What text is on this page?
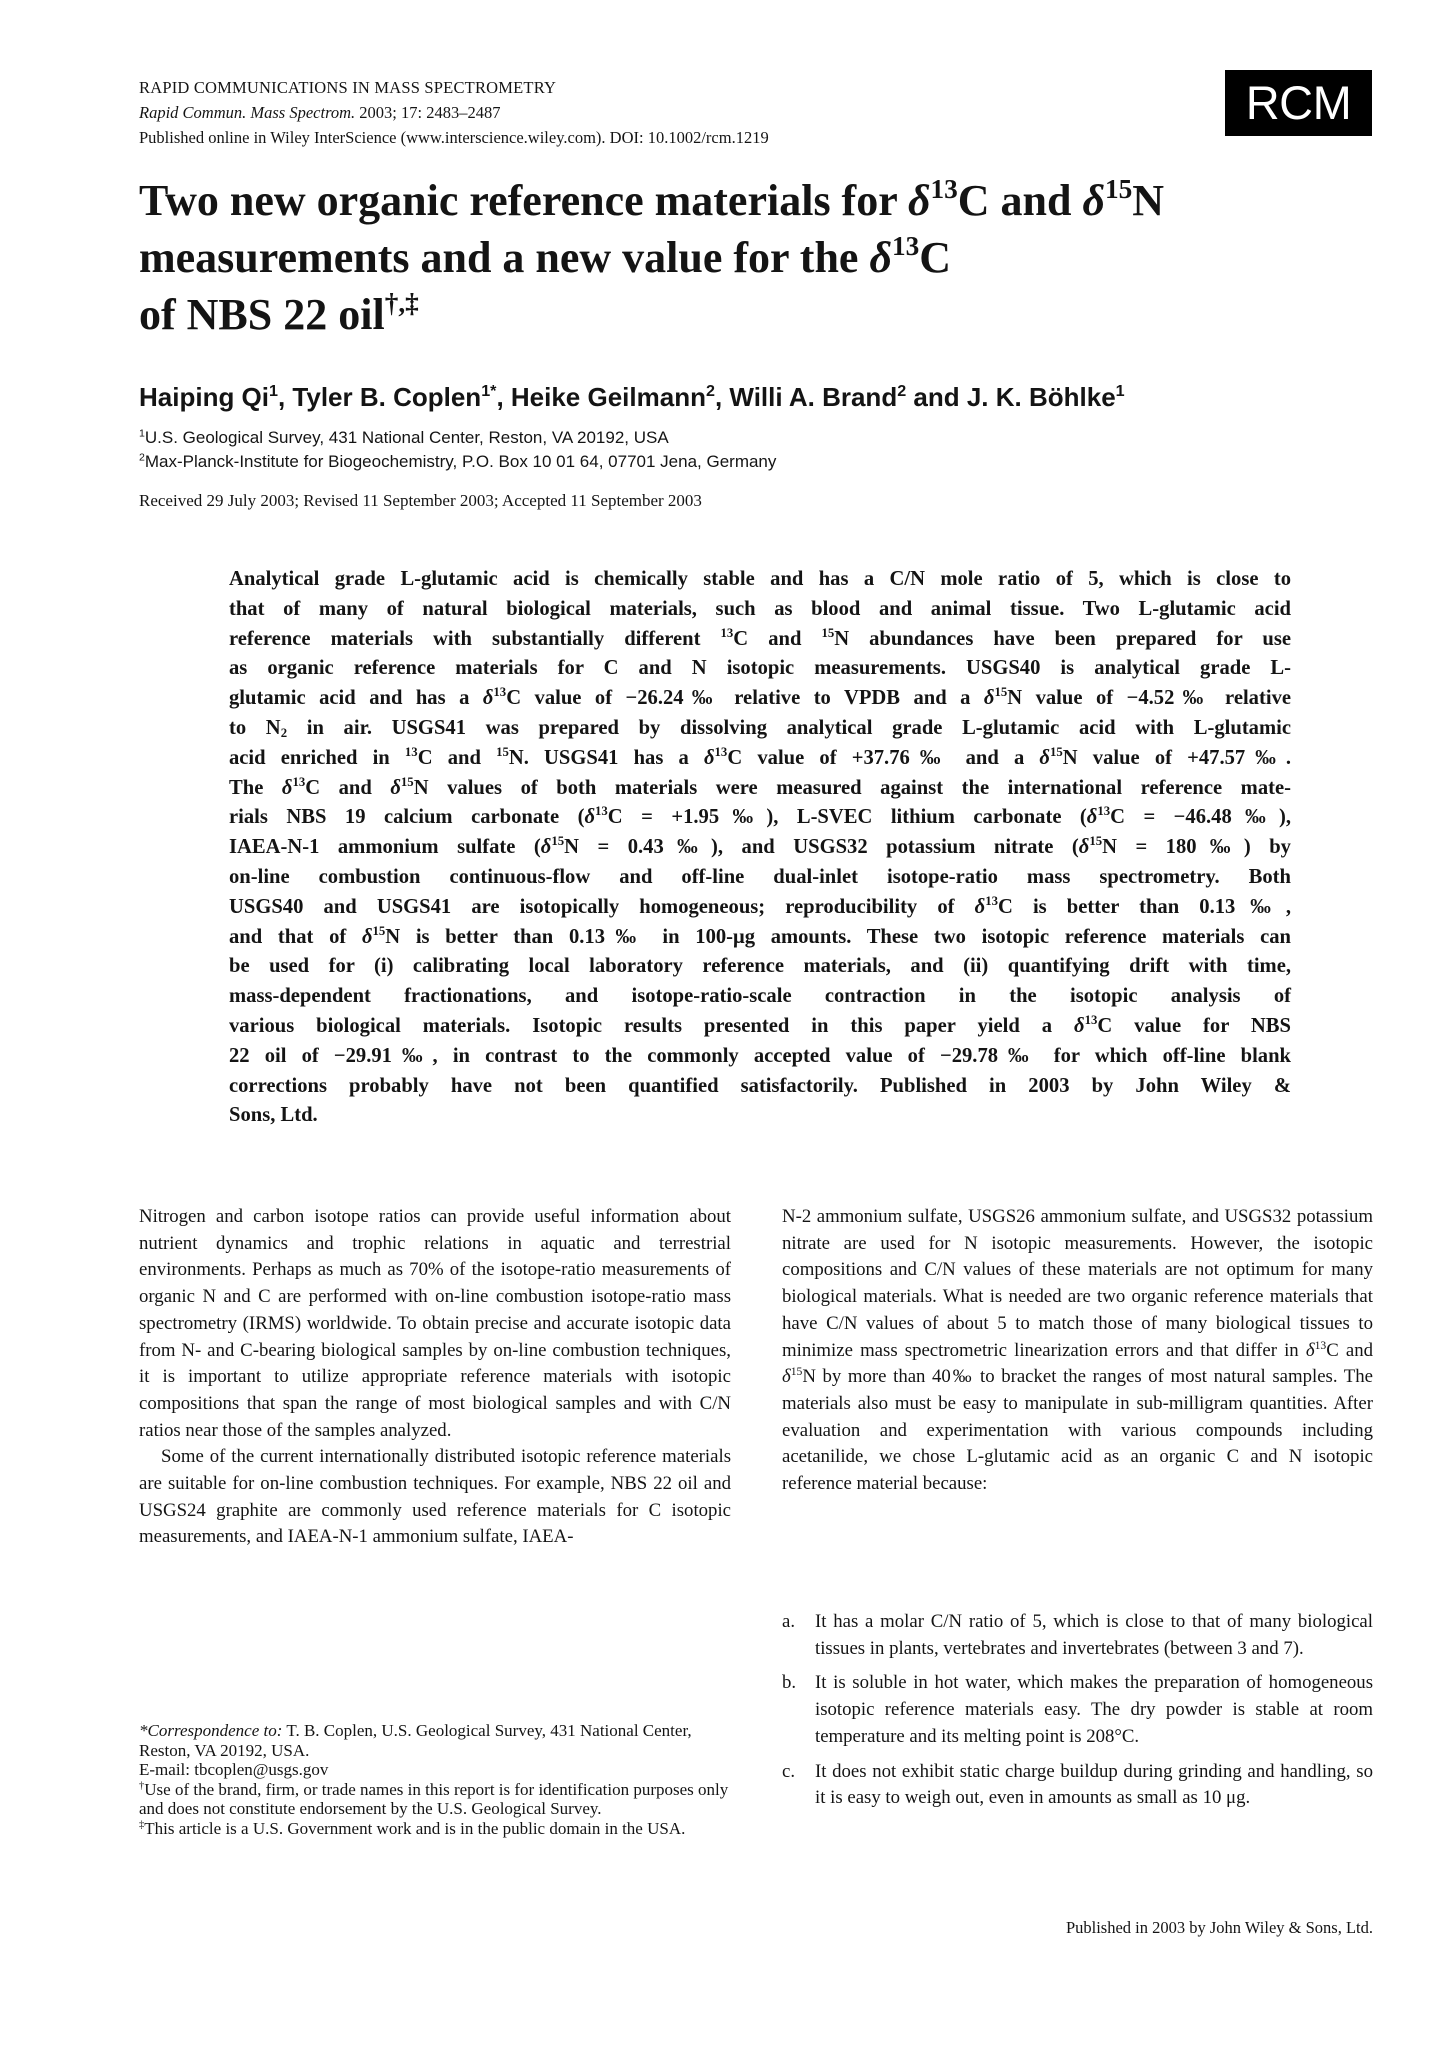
RAPID COMMUNICATIONS IN MASS SPECTROMETRY
Rapid Commun. Mass Spectrom. 2003; 17: 2483–2487
Published online in Wiley InterScience (www.interscience.wiley.com). DOI: 10.1002/rcm.1219
RCM
Two new organic reference materials for $\delta^{13}C$ and $\delta^{15}N$
measurements and a new value for the $\delta^{13}C$
of NBS 22 oil†,‡
Haiping Qi$^1$, Tyler B. Coplen$^{1*}$, Heike Geilmann$^2$, Willi A. Brand$^2$ and J. K. Böhlke$^1$
$^1$U.S. Geological Survey, 431 National Center, Reston, VA 20192, USA
$^2$Max-Planck-Institute for Biogeochemistry, P.O. Box 10 01 64, 07701 Jena, Germany
Received 29 July 2003; Revised 11 September 2003; Accepted 11 September 2003
Analytical grade L-glutamic acid is chemically stable and has a C/N mole ratio of 5, which is close to
that of many of natural biological materials, such as blood and animal tissue. Two L-glutamic acid
reference materials with substantially different $^{13}$C and $^{15}$N abundances have been prepared for use
as organic reference materials for C and N isotopic measurements. USGS40 is analytical grade L-
glutamic acid and has a $\delta^{13}C$ value of −26.24‰ relative to VPDB and a $\delta^{15}N$ value of −4.52‰ relative
to $N_2$ in air. USGS41 was prepared by dissolving analytical grade L-glutamic acid with L-glutamic
acid enriched in $^{13}$C and $^{15}$N. USGS41 has a $\delta^{13}C$ value of +37.76‰ and a $\delta^{15}N$ value of +47.57‰.
The $\delta^{13}C$ and $\delta^{15}N$ values of both materials were measured against the international reference mate-
rials NBS 19 calcium carbonate ($\delta^{13}C$ = +1.95‰), L-SVEC lithium carbonate ($\delta^{13}C$ = −46.48‰),
IAEA-N-1 ammonium sulfate ($\delta^{15}N$ = 0.43‰), and USGS32 potassium nitrate ($\delta^{15}N$ = 180‰) by
on-line combustion continuous-flow and off-line dual-inlet isotope-ratio mass spectrometry. Both
USGS40 and USGS41 are isotopically homogeneous; reproducibility of $\delta^{13}C$ is better than 0.13‰,
and that of $\delta^{15}N$ is better than 0.13‰ in 100-μg amounts. These two isotopic reference materials can
be used for (i) calibrating local laboratory reference materials, and (ii) quantifying drift with time,
mass-dependent fractionations, and isotope-ratio-scale contraction in the isotopic analysis of
various biological materials. Isotopic results presented in this paper yield a $\delta^{13}C$ value for NBS
22 oil of −29.91‰, in contrast to the commonly accepted value of −29.78‰ for which off-line blank
corrections probably have not been quantified satisfactorily. Published in 2003 by John Wiley &
Sons, Ltd.

Nitrogen and carbon isotope ratios can provide useful information about nutrient dynamics and trophic relations in aquatic and terrestrial environments. Perhaps as much as 70% of the isotope-ratio measurements of organic N and C are performed with on-line combustion isotope-ratio mass spectrometry (IRMS) worldwide. To obtain precise and accurate isotopic data from N- and C-bearing biological samples by on-line combustion techniques, it is important to utilize appropriate reference materials with isotopic compositions that span the range of most biological samples and with C/N ratios near those of the samples analyzed.

Some of the current internationally distributed isotopic reference materials are suitable for on-line combustion techniques. For example, NBS 22 oil and USGS24 graphite are commonly used reference materials for C isotopic measurements, and IAEA-N-1 ammonium sulfate, IAEA-

*Correspondence to: T. B. Coplen, U.S. Geological Survey, 431 National Center, Reston, VA 20192, USA.
E-mail: tbcoplen@usgs.gov
†Use of the brand, firm, or trade names in this report is for identification purposes only and does not constitute endorsement by the U.S. Geological Survey.
‡This article is a U.S. Government work and is in the public domain in the USA.

N-2 ammonium sulfate, USGS26 ammonium sulfate, and USGS32 potassium nitrate are used for N isotopic measurements. However, the isotopic compositions and C/N values of these materials are not optimum for many biological materials. What is needed are two organic reference materials that have C/N values of about 5 to match those of many biological tissues to minimize mass spectrometric linearization errors and that differ in $\delta^{13}C$ and $\delta^{15}N$ by more than 40‰ to bracket the ranges of most natural samples. The materials also must be easy to manipulate in sub-milligram quantities. After evaluation and experimentation with various compounds including acetanilide, we chose L-glutamic acid as an organic C and N isotopic reference material because:

a. It has a molar C/N ratio of 5, which is close to that of many biological tissues in plants, vertebrates and invertebrates (between 3 and 7).
b. It is soluble in hot water, which makes the preparation of homogeneous isotopic reference materials easy. The dry powder is stable at room temperature and its melting point is 208°C.
c. It does not exhibit static charge buildup during grinding and handling, so it is easy to weigh out, even in amounts as small as 10 μg.
Published in 2003 by John Wiley & Sons, Ltd.
